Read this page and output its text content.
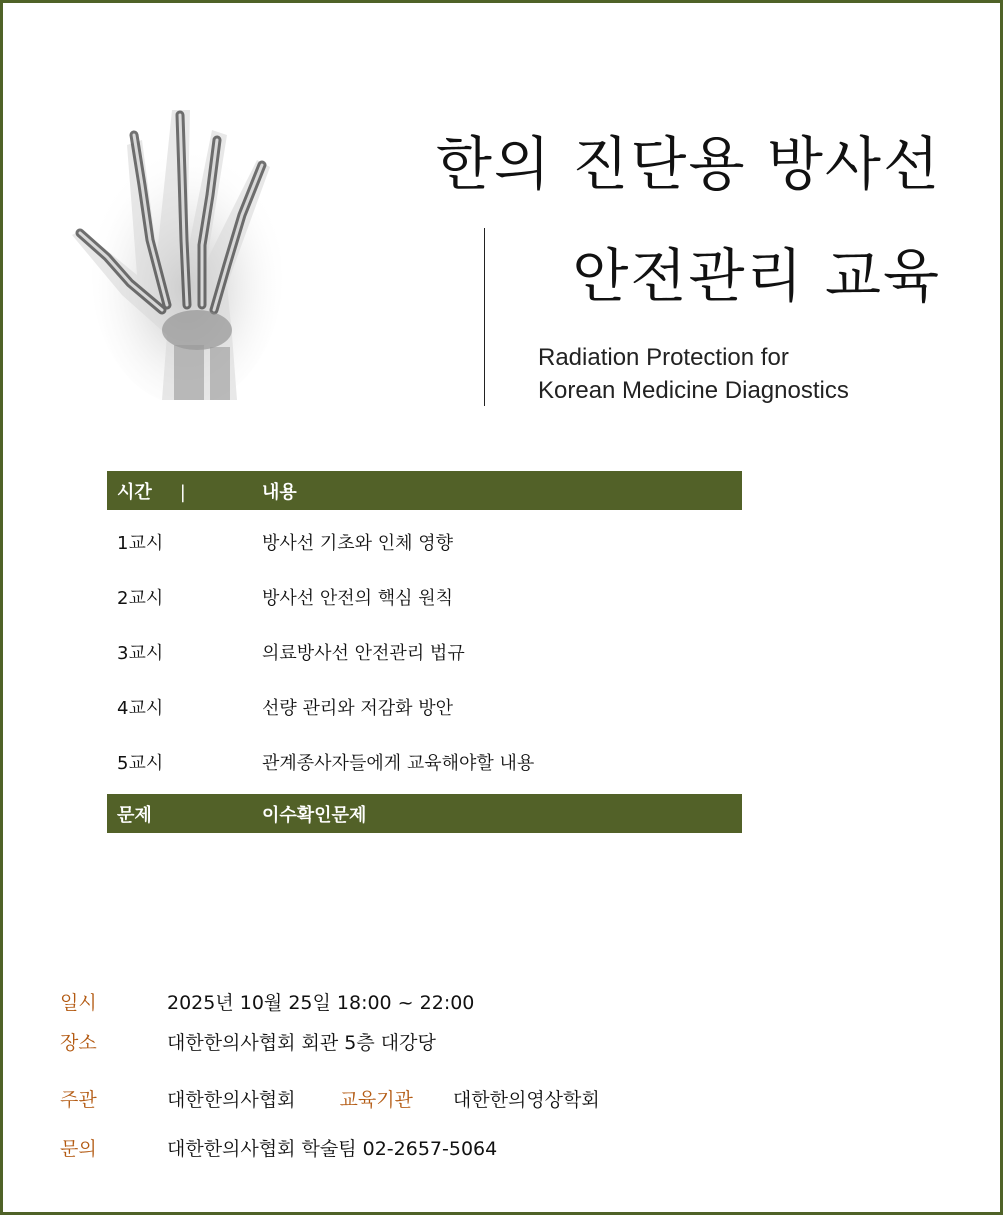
한의 진단용 방사선
안전관리 교육
Radiation Protection for
Korean Medicine Diagnostics
시간 |	내용
1교시	방사선 기초와 인체 영향
2교시	방사선 안전의 핵심 원칙
3교시	의료방사선 안전관리 법규
4교시	선량 관리와 저감화 방안
5교시	관계종사자들에게 교육해야할 내용
문제	이수확인문제
일시	2025년 10월 25일 18:00 ~ 22:00
장소	대한한의사협회 회관 5층 대강당
주관	대한한의사협회 교육기관 대한한의영상학회
문의	대한한의사협회 학술팀 02-2657-5064
